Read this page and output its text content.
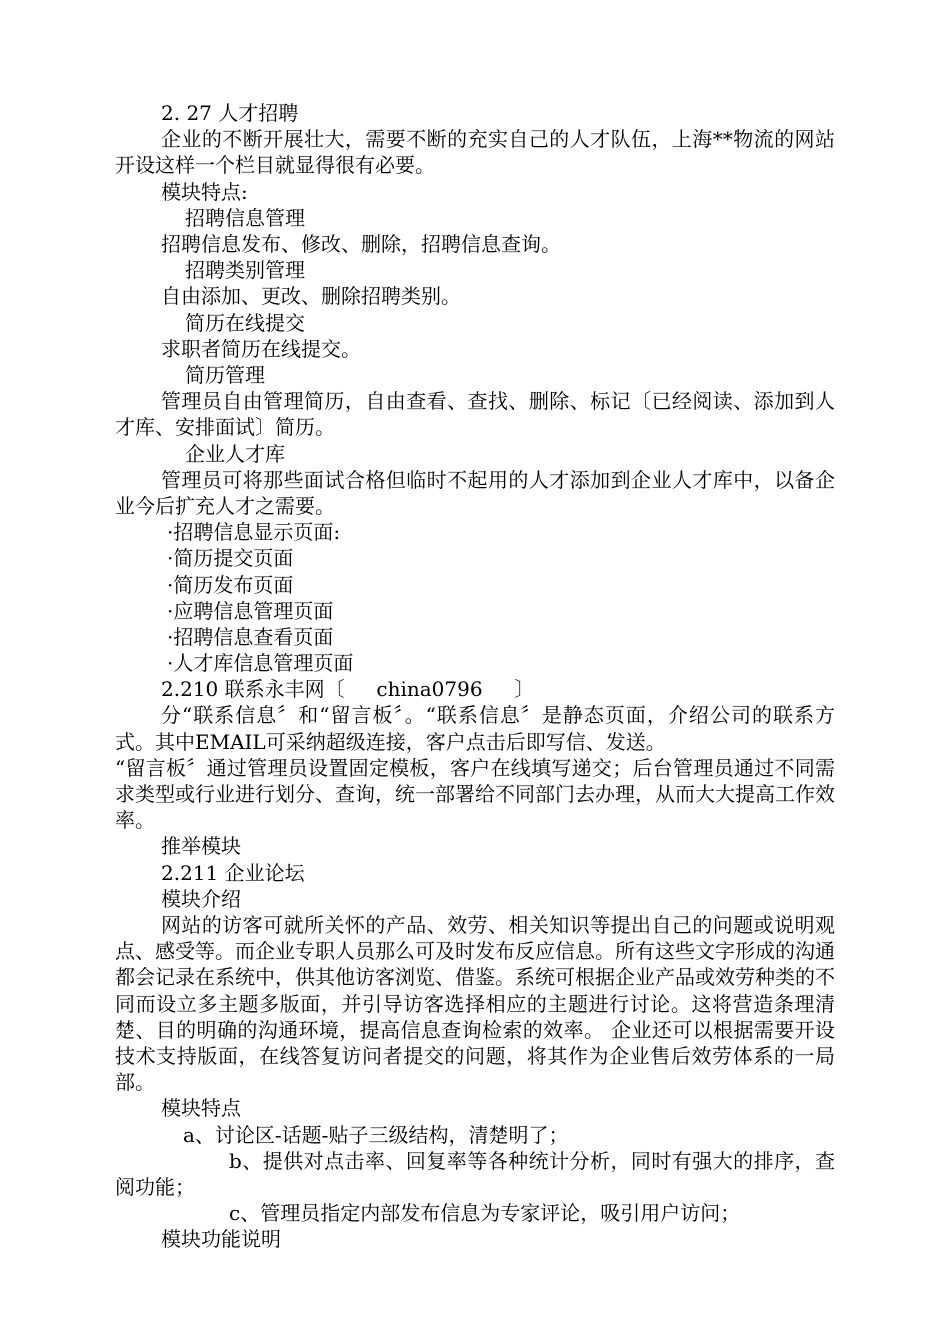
2. 27 人才招聘
企业的不断开展壮大，需要不断的充实自己的人才队伍，上海**物流的网站开设这样一个栏目就显得很有必要。
模块特点:
招聘信息管理
招聘信息发布、修改、删除，招聘信息查询。
招聘类别管理
自由添加、更改、删除招聘类别。
简历在线提交
求职者简历在线提交。
简历管理
管理员自由管理简历，自由查看、查找、删除、标记〔已经阅读、添加到人才库、安排面试〕简历。
企业人才库
管理员可将那些面试合格但临时不起用的人才添加到企业人才库中，以备企业今后扩充人才之需要。
·招聘信息显示页面:
·简历提交页面
·简历发布页面
·应聘信息管理页面
·招聘信息查看页面
·人才库信息管理页面
2.210 联系永丰网〔     china0796     〕
分“联系信息〞和“留言板〞。“联系信息〞是静态页面，介绍公司的联系方式。其中EMAIL可采纳超级连接，客户点击后即写信、发送。
“留言板〞通过管理员设置固定模板，客户在线填写递交；后台管理员通过不同需求类型或行业进行划分、查询，统一部署给不同部门去办理，从而大大提高工作效率。
推举模块
2.211 企业论坛
模块介绍
网站的访客可就所关怀的产品、效劳、相关知识等提出自己的问题或说明观点、感受等。而企业专职人员那么可及时发布反应信息。所有这些文字形成的沟通都会记录在系统中，供其他访客浏览、借鉴。系统可根据企业产品或效劳种类的不同而设立多主题多版面，并引导访客选择相应的主题进行讨论。这将营造条理清楚、目的明确的沟通环境，提高信息查询检索的效率。 企业还可以根据需要开设技术支持版面，在线答复访问者提交的问题，将其作为企业售后效劳体系的一局部。
模块特点
a、讨论区-话题-贴子三级结构，清楚明了；
b、提供对点击率、回复率等各种统计分析，同时有强大的排序，查阅功能；
c、管理员指定内部发布信息为专家评论，吸引用户访问；
模块功能说明
